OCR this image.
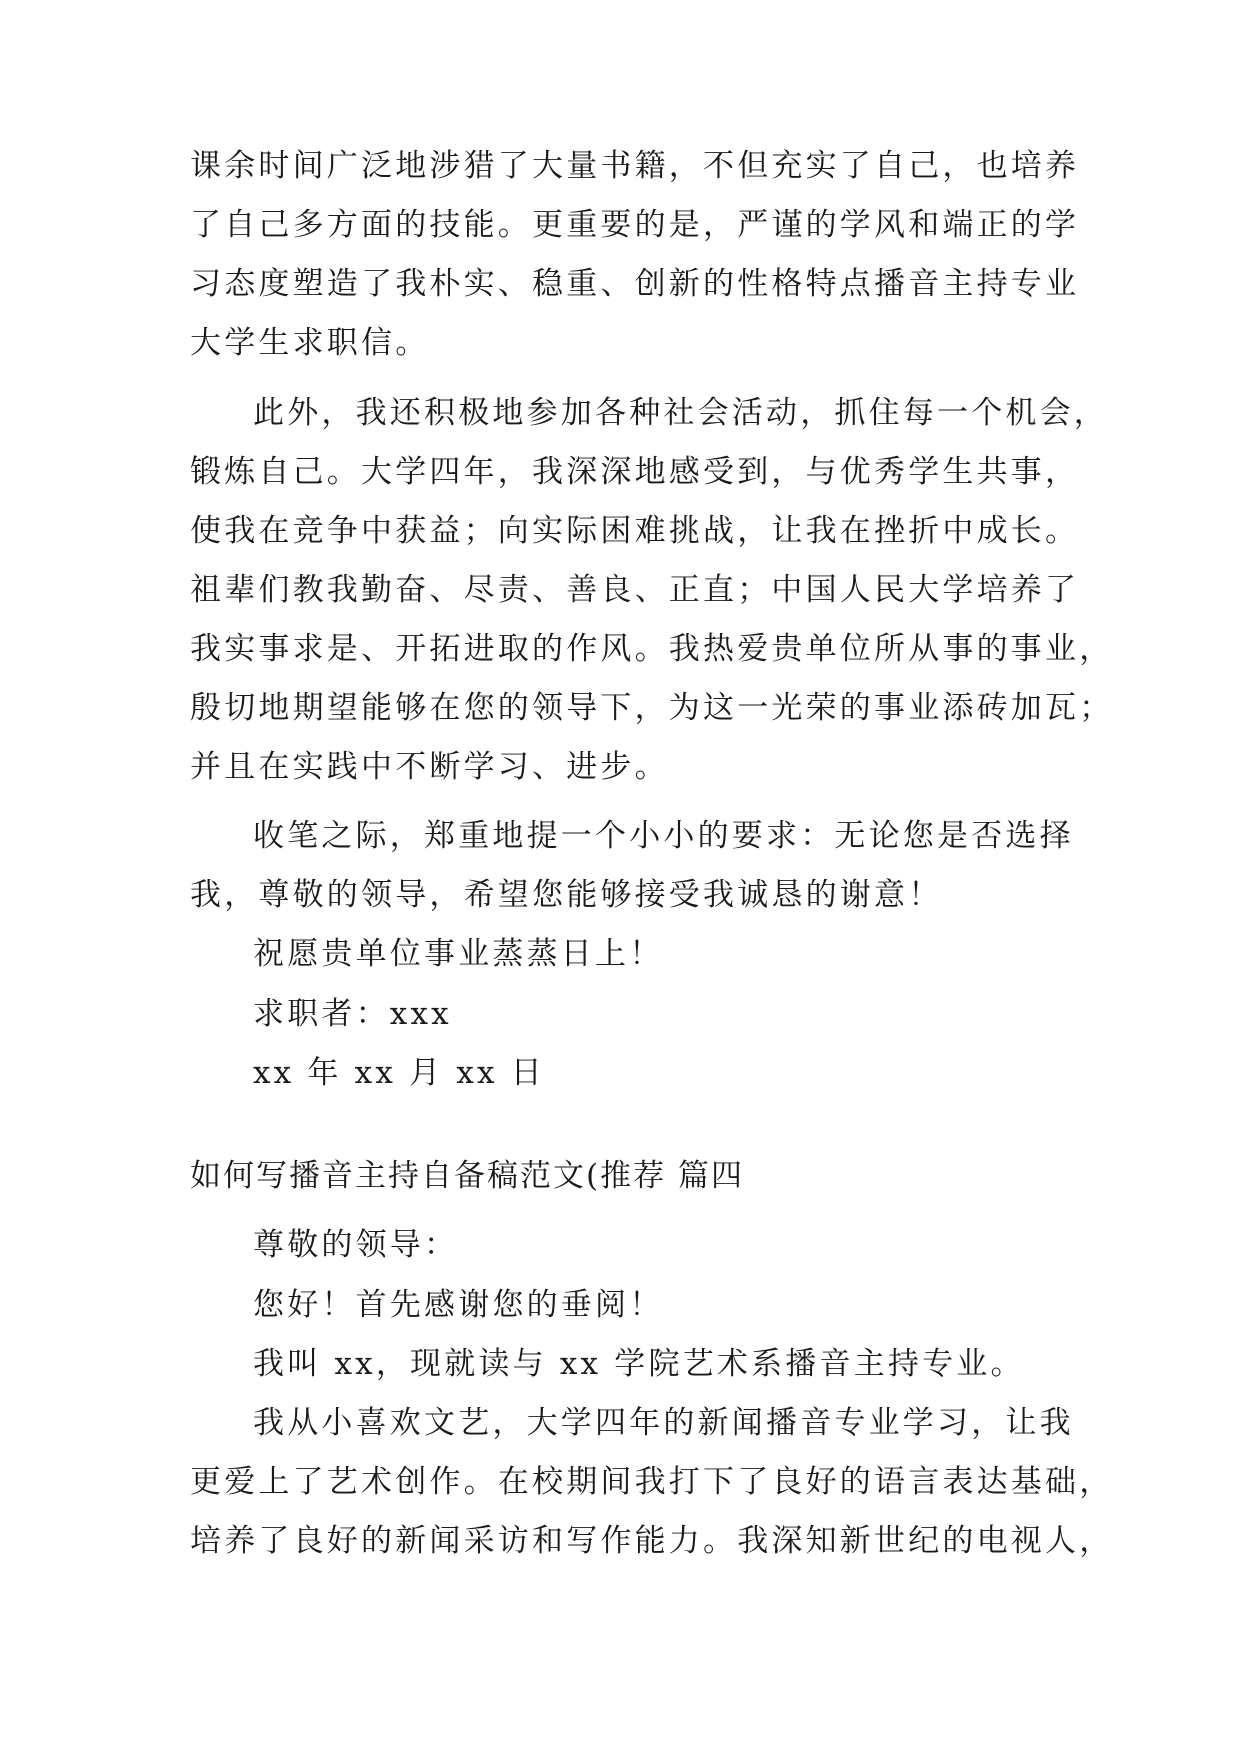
课余时间广泛地涉猎了大量书籍，不但充实了自己，也培养
了自己多方面的技能。更重要的是，严谨的学风和端正的学
习态度塑造了我朴实、稳重、创新的性格特点播音主持专业
大学生求职信。
此外，我还积极地参加各种社会活动，抓住每一个机会，
锻炼自己。大学四年，我深深地感受到，与优秀学生共事，
使我在竞争中获益；向实际困难挑战，让我在挫折中成长。
祖辈们教我勤奋、尽责、善良、正直；中国人民大学培养了
我实事求是、开拓进取的作风。我热爱贵单位所从事的事业，
殷切地期望能够在您的领导下，为这一光荣的事业添砖加瓦；
并且在实践中不断学习、进步。
收笔之际，郑重地提一个小小的要求：无论您是否选择
我，尊敬的领导，希望您能够接受我诚恳的谢意！
祝愿贵单位事业蒸蒸日上！
求职者：xxx
xx 年 xx 月 xx 日
如何写播音主持自备稿范文(推荐 篇四
尊敬的领导：
您好！首先感谢您的垂阅！
我叫 xx，现就读与 xx 学院艺术系播音主持专业。
我从小喜欢文艺，大学四年的新闻播音专业学习，让我
更爱上了艺术创作。在校期间我打下了良好的语言表达基础，
培养了良好的新闻采访和写作能力。我深知新世纪的电视人，
